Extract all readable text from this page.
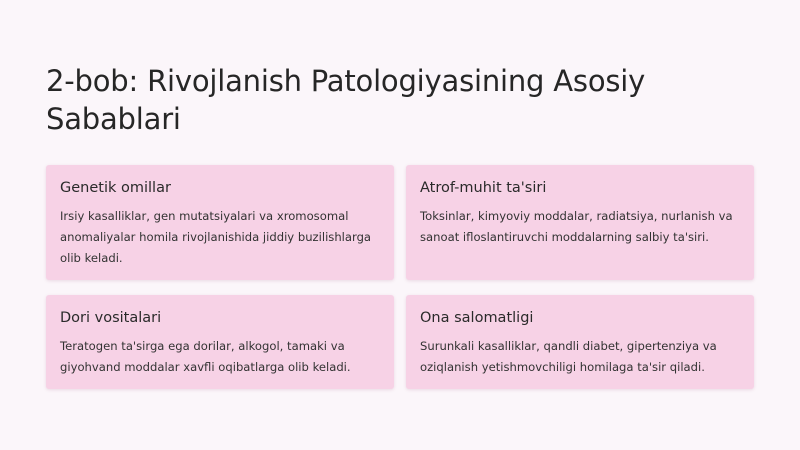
2-bob: Rivojlanish Patologiyasining Asosiy Sabablari
Genetik omillar

Irsiy kasalliklar, gen mutatsiyalari va xromosomal anomaliyalar homila rivojlanishida jiddiy buzilishlarga olib keladi.

Atrof-muhit ta'siri

Toksinlar, kimyoviy moddalar, radiatsiya, nurlanish va sanoat ifloslantiruvchi moddalarning salbiy ta'siri.

Dori vositalari

Teratogen ta'sirga ega dorilar, alkogol, tamaki va giyohvand moddalar xavfli oqibatlarga olib keladi.

Ona salomatligi

Surunkali kasalliklar, qandli diabet, gipertenziya va oziqlanish yetishmovchiligi homilaga ta'sir qiladi.
